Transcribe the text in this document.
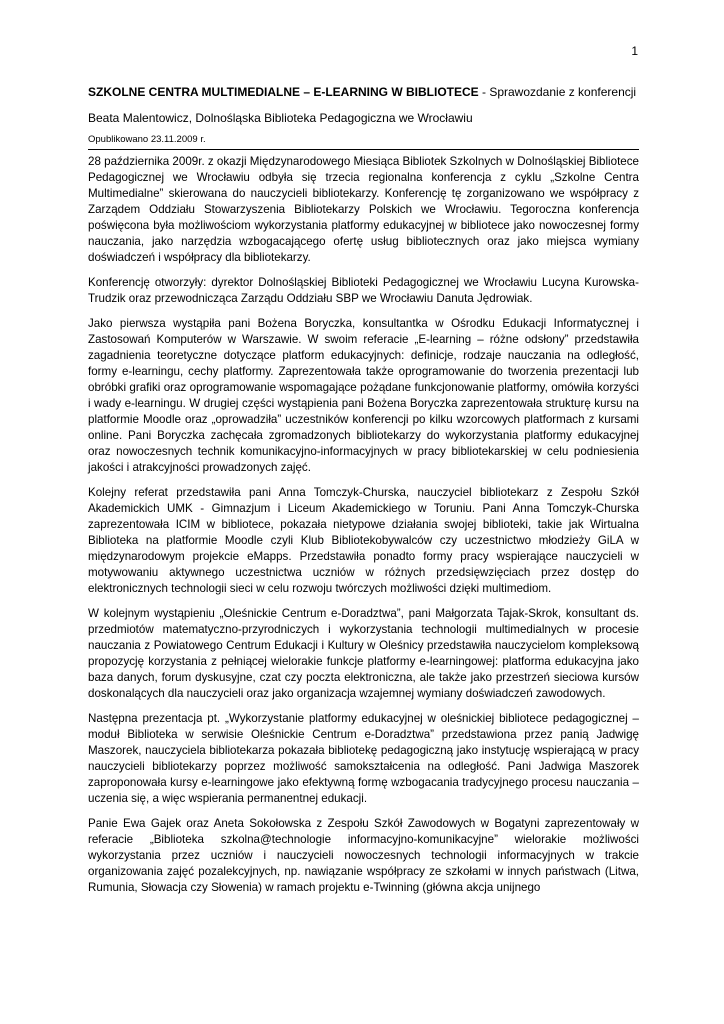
1

SZKOLNE CENTRA MULTIMEDIALNE – E-LEARNING W BIBLIOTECE - Sprawozdanie z konferencji

Beata Malentowicz, Dolnośląska Biblioteka Pedagogiczna we Wrocławiu

Opublikowano 23.11.2009 r.

28 października 2009r. z okazji Międzynarodowego Miesiąca Bibliotek Szkolnych w Dolnośląskiej Bibliotece Pedagogicznej we Wrocławiu odbyła się trzecia regionalna konferencja z cyklu „Szkolne Centra Multimedialne” skierowana do nauczycieli bibliotekarzy. Konferencję tę zorganizowano we współpracy z Zarządem Oddziału Stowarzyszenia Bibliotekarzy Polskich we Wrocławiu. Tegoroczna konferencja poświęcona była możliwościom wykorzystania platformy edukacyjnej w bibliotece jako nowoczesnej formy nauczania, jako narzędzia wzbogacającego ofertę usług bibliotecznych oraz jako miejsca wymiany doświadczeń i współpracy dla bibliotekarzy.

Konferencję otworzyły: dyrektor Dolnośląskiej Biblioteki Pedagogicznej we Wrocławiu Lucyna Kurowska-Trudzik oraz przewodnicząca Zarządu Oddziału SBP we Wrocławiu Danuta Jędrowiak.

Jako pierwsza wystąpiła pani Bożena Boryczka, konsultantka w Ośrodku Edukacji Informatycznej i Zastosowań Komputerów w Warszawie. W swoim referacie „E-learning – różne odsłony” przedstawiła zagadnienia teoretyczne dotyczące platform edukacyjnych: definicje, rodzaje nauczania na odległość, formy e-learningu, cechy platformy. Zaprezentowała także oprogramowanie do tworzenia prezentacji lub obróbki grafiki oraz oprogramowanie wspomagające pożądane funkcjonowanie platformy, omówiła korzyści i wady e-learningu. W drugiej części wystąpienia pani Bożena Boryczka zaprezentowała strukturę kursu na platformie Moodle oraz „oprowadziła” uczestników konferencji po kilku wzorcowych platformach z kursami online. Pani Boryczka zachęcała zgromadzonych bibliotekarzy do wykorzystania platformy edukacyjnej oraz nowoczesnych technik komunikacyjno-informacyjnych w pracy bibliotekarskiej w celu podniesienia jakości i atrakcyjności prowadzonych zajęć.

Kolejny referat przedstawiła pani Anna Tomczyk-Churska, nauczyciel bibliotekarz z Zespołu Szkół Akademickich UMK - Gimnazjum i Liceum Akademickiego w Toruniu. Pani Anna Tomczyk-Churska zaprezentowała ICIM w bibliotece, pokazała nietypowe działania swojej biblioteki, takie jak Wirtualna Biblioteka na platformie Moodle czyli Klub Bibliotekobywalców czy uczestnictwo młodzieży GiLA w międzynarodowym projekcie eMapps. Przedstawiła ponadto formy pracy wspierające nauczycieli w motywowaniu aktywnego uczestnictwa uczniów w różnych przedsięwzięciach przez dostęp do elektronicznych technologii sieci w celu rozwoju twórczych możliwości dzięki multimediom.

W kolejnym wystąpieniu „Oleśnickie Centrum e-Doradztwa”, pani Małgorzata Tajak-Skrok, konsultant ds. przedmiotów matematyczno-przyrodniczych i wykorzystania technologii multimedialnych w procesie nauczania z Powiatowego Centrum Edukacji i Kultury w Oleśnicy przedstawiła nauczycielom kompleksową propozycję korzystania z pełniącej wielorakie funkcje platformy e-learningowej: platforma edukacyjna jako baza danych, forum dyskusyjne, czat czy poczta elektroniczna, ale także jako przestrzeń sieciowa kursów doskonalących dla nauczycieli oraz jako organizacja wzajemnej wymiany doświadczeń zawodowych.

Następna prezentacja pt. „Wykorzystanie platformy edukacyjnej w oleśnickiej bibliotece pedagogicznej – moduł Biblioteka w serwisie Oleśnickie Centrum e-Doradztwa” przedstawiona przez panią Jadwigę Maszorek, nauczyciela bibliotekarza pokazała bibliotekę pedagogiczną jako instytucję wspierającą w pracy nauczycieli bibliotekarzy poprzez możliwość samokształcenia na odległość. Pani Jadwiga Maszorek zaproponowała kursy e-learningowe jako efektywną formę wzbogacania tradycyjnego procesu nauczania – uczenia się, a więc wspierania permanentnej edukacji.

Panie Ewa Gajek oraz Aneta Sokołowska z Zespołu Szkół Zawodowych w Bogatyni zaprezentowały w referacie „Biblioteka szkolna@technologie informacyjno-komunikacyjne” wielorakie możliwości wykorzystania przez uczniów i nauczycieli nowoczesnych technologii informacyjnych w trakcie organizowania zajęć pozalekcyjnych, np. nawiązanie współpracy ze szkołami w innych państwach (Litwa, Rumunia, Słowacja czy Słowenia) w ramach projektu e-Twinning (główna akcja unijnego
